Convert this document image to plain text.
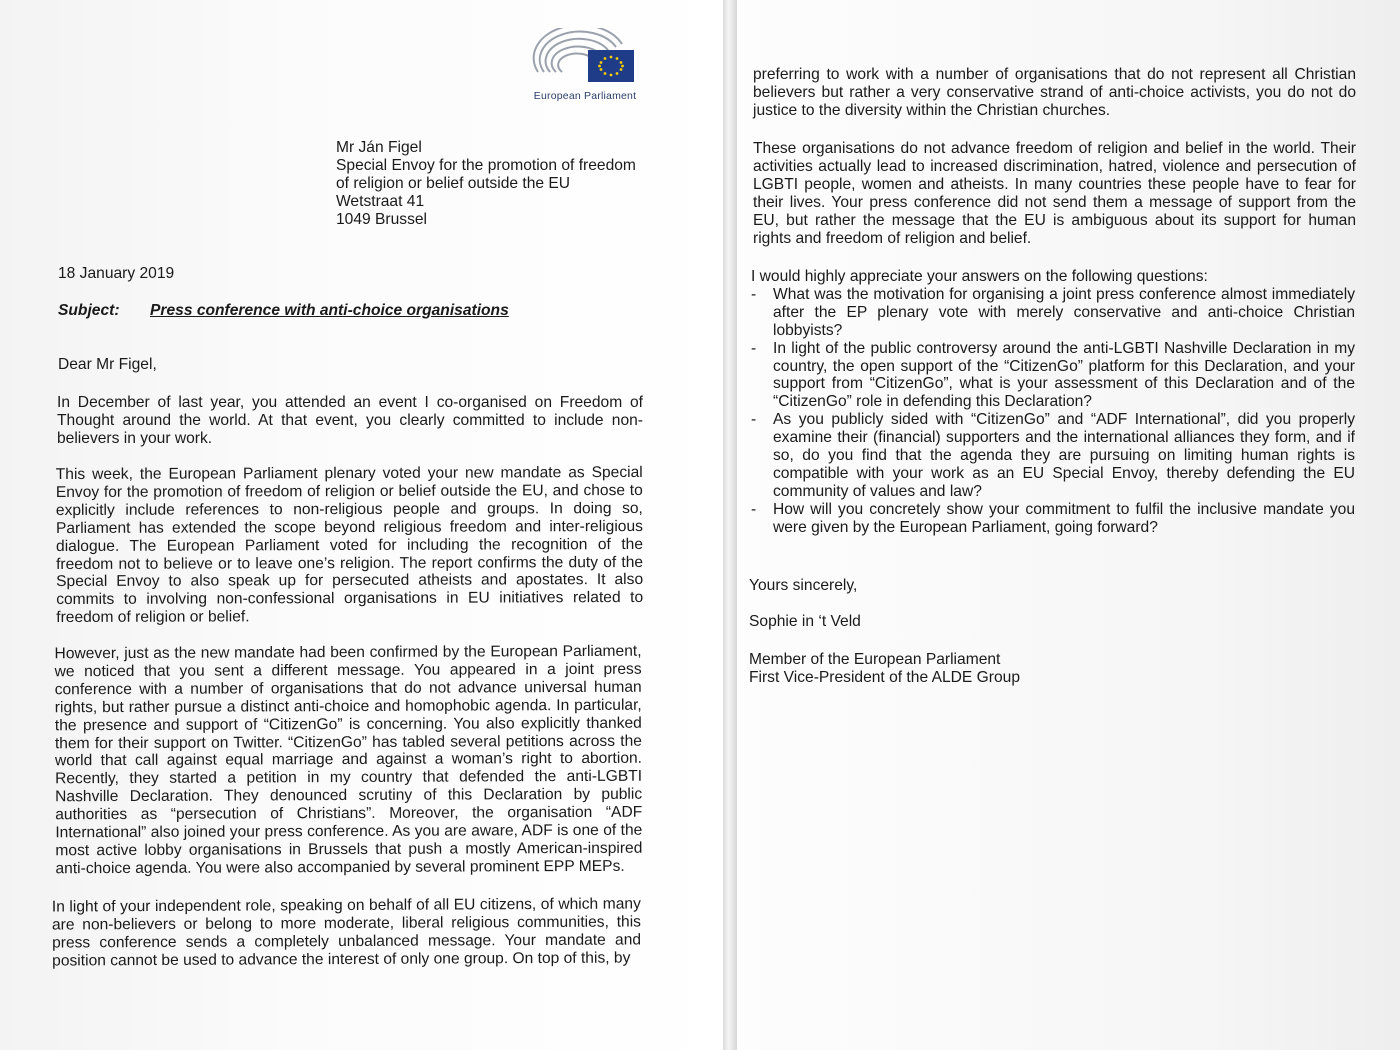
European Parliament
Mr Ján Figel
Special Envoy for the promotion of freedom
of religion or belief outside the EU
Wetstraat 41
1049 Brussel
18 January 2019
Subject: Press conference with anti-choice organisations
Dear Mr Figel,
In December of last year, you attended an event I co-organised on Freedom of Thought around the world. At that event, you clearly committed to include non-believers in your work.
This week, the European Parliament plenary voted your new mandate as Special Envoy for the promotion of freedom of religion or belief outside the EU, and chose to explicitly include references to non-religious people and groups. In doing so, Parliament has extended the scope beyond religious freedom and inter-religious dialogue. The European Parliament voted for including the recognition of the freedom not to believe or to leave one’s religion. The report confirms the duty of the Special Envoy to also speak up for persecuted atheists and apostates. It also commits to involving non-confessional organisations in EU initiatives related to freedom of religion or belief.
However, just as the new mandate had been confirmed by the European Parliament, we noticed that you sent a different message. You appeared in a joint press conference with a number of organisations that do not advance universal human rights, but rather pursue a distinct anti-choice and homophobic agenda. In particular, the presence and support of “CitizenGo” is concerning. You also explicitly thanked them for their support on Twitter. “CitizenGo” has tabled several petitions across the world that call against equal marriage and against a woman’s right to abortion. Recently, they started a petition in my country that defended the anti-LGBTI Nashville Declaration. They denounced scrutiny of this Declaration by public authorities as “persecution of Christians”. Moreover, the organisation “ADF International” also joined your press conference. As you are aware, ADF is one of the most active lobby organisations in Brussels that push a mostly American-inspired anti-choice agenda. You were also accompanied by several prominent EPP MEPs.
In light of your independent role, speaking on behalf of all EU citizens, of which many are non-believers or belong to more moderate, liberal religious communities, this press conference sends a completely unbalanced message. Your mandate and position cannot be used to advance the interest of only one group. On top of this, by
preferring to work with a number of organisations that do not represent all Christian believers but rather a very conservative strand of anti-choice activists, you do not do justice to the diversity within the Christian churches.
These organisations do not advance freedom of religion and belief in the world. Their activities actually lead to increased discrimination, hatred, violence and persecution of LGBTI people, women and atheists. In many countries these people have to fear for their lives. Your press conference did not send them a message of support from the EU, but rather the message that the EU is ambiguous about its support for human rights and freedom of religion and belief.
I would highly appreciate your answers on the following questions:
- What was the motivation for organising a joint press conference almost immediately after the EP plenary vote with merely conservative and anti-choice Christian lobbyists?
- In light of the public controversy around the anti-LGBTI Nashville Declaration in my country, the open support of the “CitizenGo” platform for this Declaration, and your support from “CitizenGo”, what is your assessment of this Declaration and of the “CitizenGo” role in defending this Declaration?
- As you publicly sided with “CitizenGo” and “ADF International”, did you properly examine their (financial) supporters and the international alliances they form, and if so, do you find that the agenda they are pursuing on limiting human rights is compatible with your work as an EU Special Envoy, thereby defending the EU community of values and law?
- How will you concretely show your commitment to fulfil the inclusive mandate you were given by the European Parliament, going forward?
Yours sincerely,
Sophie in ‘t Veld
Member of the European Parliament
First Vice-President of the ALDE Group
